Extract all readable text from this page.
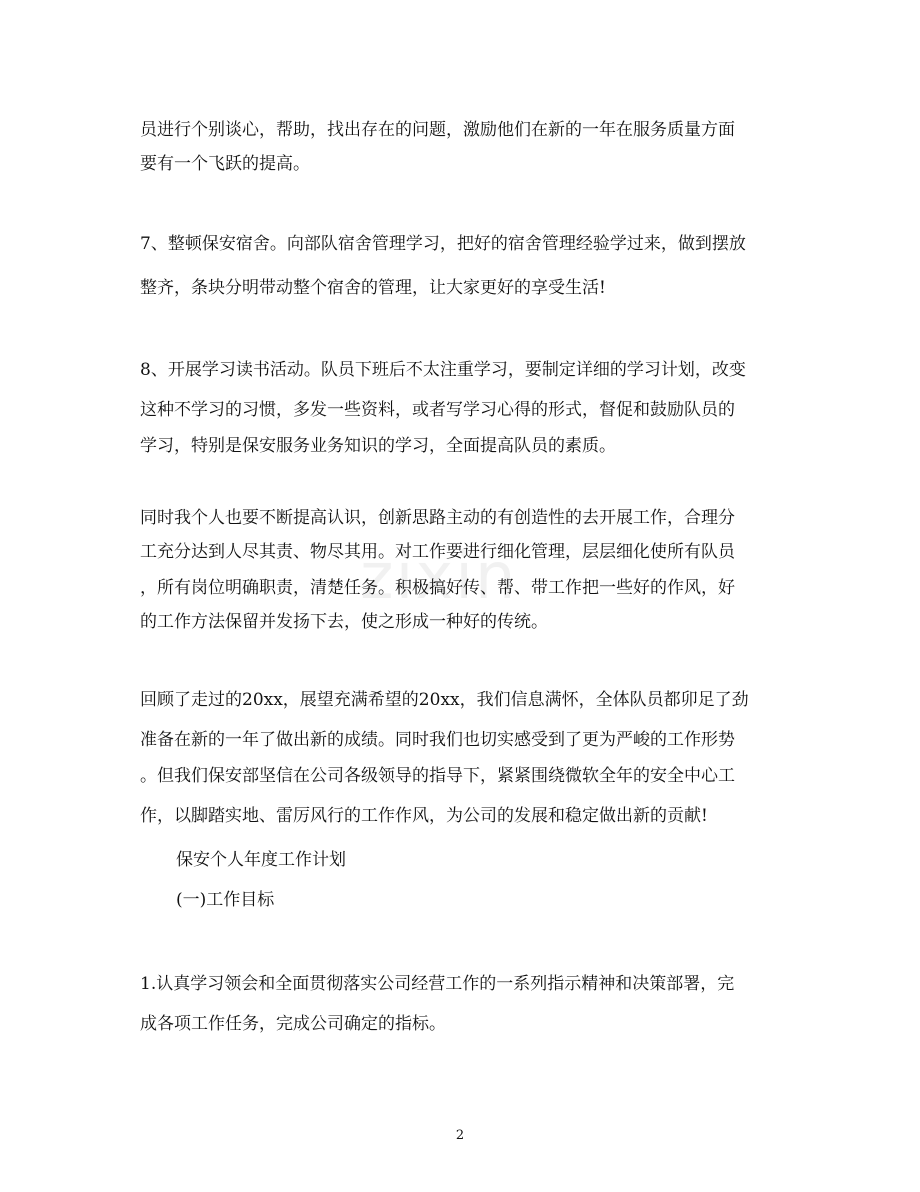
zixin
员进行个别谈心，帮助，找出存在的问题，激励他们在新的一年在服务质量方面
要有一个飞跃的提高。
7、整顿保安宿舍。向部队宿舍管理学习，把好的宿舍管理经验学过来，做到摆放
整齐，条块分明带动整个宿舍的管理，让大家更好的享受生活!
8、开展学习读书活动。队员下班后不太注重学习，要制定详细的学习计划，改变
这种不学习的习惯，多发一些资料，或者写学习心得的形式，督促和鼓励队员的
学习，特别是保安服务业务知识的学习，全面提高队员的素质。
同时我个人也要不断提高认识，创新思路主动的有创造性的去开展工作，合理分
工充分达到人尽其责、物尽其用。对工作要进行细化管理，层层细化使所有队员
，所有岗位明确职责，清楚任务。积极搞好传、帮、带工作把一些好的作风，好
的工作方法保留并发扬下去，使之形成一种好的传统。
回顾了走过的20xx，展望充满希望的20xx，我们信息满怀，全体队员都卯足了劲
准备在新的一年了做出新的成绩。同时我们也切实感受到了更为严峻的工作形势
。但我们保安部坚信在公司各级领导的指导下，紧紧围绕微软全年的安全中心工
作，以脚踏实地、雷厉风行的工作作风，为公司的发展和稳定做出新的贡献!
保安个人年度工作计划
(一)工作目标
1.认真学习领会和全面贯彻落实公司经营工作的一系列指示精神和决策部署，完
成各项工作任务，完成公司确定的指标。
2
